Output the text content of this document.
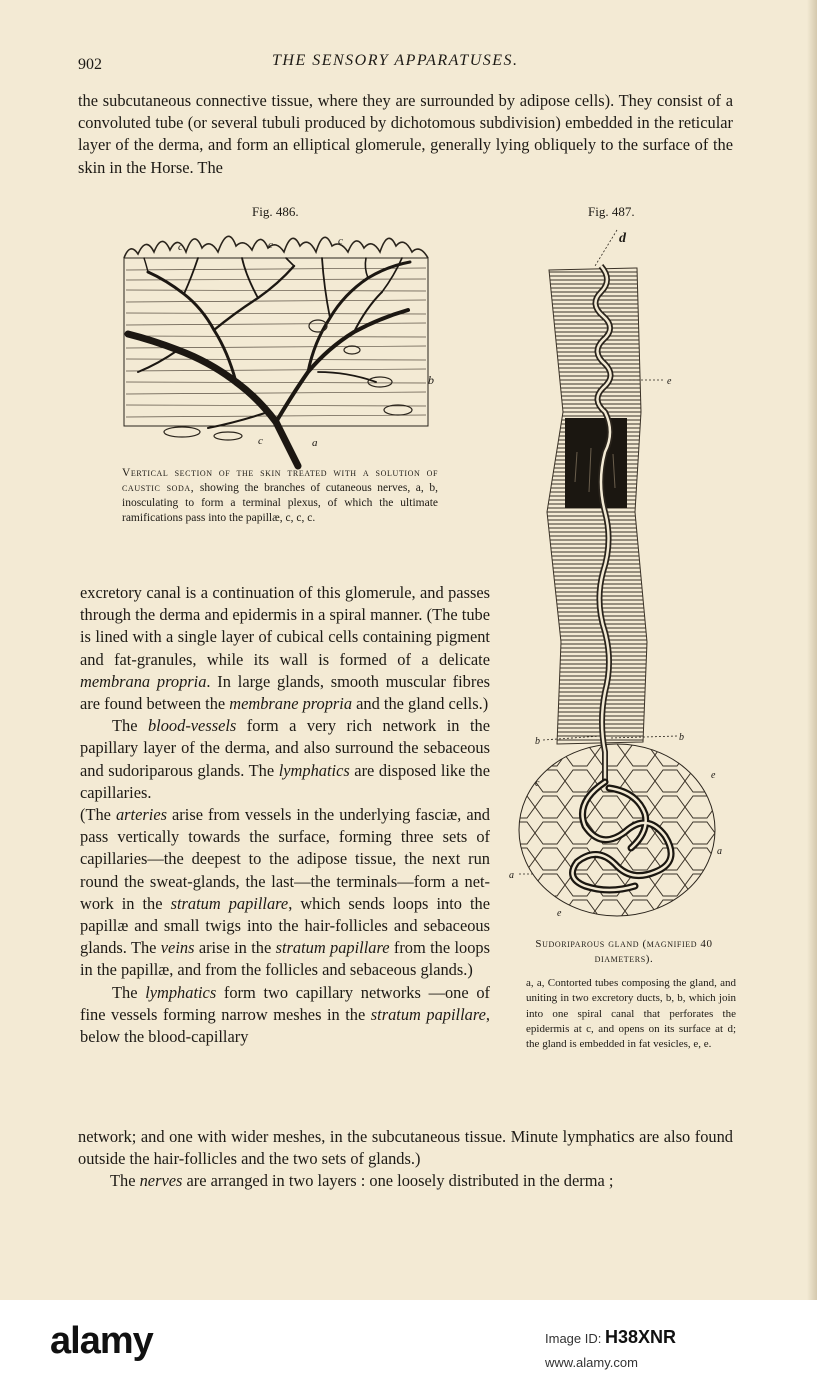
902	THE SENSORY APPARATUSES.

the subcutaneous connective tissue, where they are surrounded by adipose cells). They consist of a convoluted tube (or several tubuli produced by dichotomous subdivision) embedded in the reticular layer of the derma, and form an elliptical glomerule, generally lying obliquely to the surface of the skin in the Horse. The

Fig. 486.
c	c	c
b
c	a

Vertical section of the skin treated with a solution of caustic soda, showing the branches of cutaneous nerves, a, b, inosculating to form a terminal plexus, of which the ultimate ramifications pass into the papillæ, c, c, c.

Fig. 487.
d
e
b	b
c
e
a
a
e

Sudoriparous gland (magnified 40 diameters).

a, a, Contorted tubes composing the gland, and uniting in two excretory ducts, b, b, which join into one spiral canal that perforates the epidermis at c, and opens on its surface at d; the gland is embedded in fat vesicles, e, e.

excretory canal is a continuation of this glomerule, and passes through the derma and epidermis in a spiral manner. (The tube is lined with a single layer of cubical cells containing pigment and fat-granules, while its wall is formed of a delicate membrana propria. In large glands, smooth muscular fibres are found between the membrane propria and the gland cells.)

The blood-vessels form a very rich network in the papillary layer of the derma, and also surround the sebaceous and sudoriparous glands. The lymphatics are disposed like the capillaries.

(The arteries arise from vessels in the underlying fasciæ, and pass vertically towards the surface, forming three sets of capillaries—the deepest to the adipose tissue, the next run round the sweat-glands, the last—the terminals—form a net-work in the stratum papillare, which sends loops into the papillæ and small twigs into the hair-follicles and sebaceous glands. The veins arise in the stratum papillare from the loops in the papillæ, and from the follicles and sebaceous glands.)

The lymphatics form two capillary networks —one of fine vessels forming narrow meshes in the stratum papillare, below the blood-capillary

network; and one with wider meshes, in the subcutaneous tissue. Minute lymphatics are also found outside the hair-follicles and the two sets of glands.)

The nerves are arranged in two layers : one loosely distributed in the derma ;

alamy	Image ID: H38XNR
www.alamy.com
